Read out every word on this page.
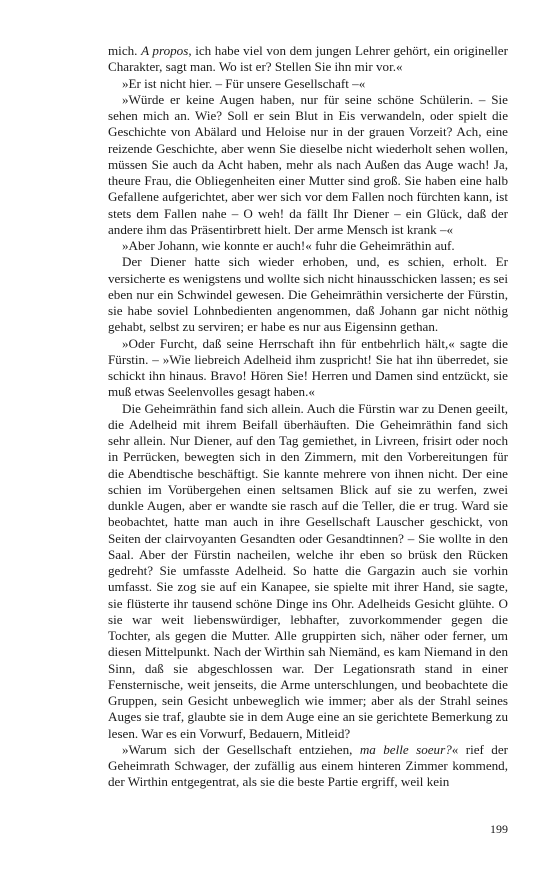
mich. A propos, ich habe viel von dem jungen Lehrer gehört, ein origineller Charakter, sagt man. Wo ist er? Stellen Sie ihn mir vor.«

»Er ist nicht hier. – Für unsere Gesellschaft –«

»Würde er keine Augen haben, nur für seine schöne Schülerin. – Sie sehen mich an. Wie? Soll er sein Blut in Eis verwandeln, oder spielt die Geschichte von Abälard und Heloise nur in der grauen Vorzeit? Ach, eine reizende Geschichte, aber wenn Sie dieselbe nicht wiederholt sehen wollen, müssen Sie auch da Acht haben, mehr als nach Außen das Auge wach! Ja, theure Frau, die Obliegenheiten einer Mutter sind groß. Sie haben eine halb Gefallene aufgerichtet, aber wer sich vor dem Fallen noch fürchten kann, ist stets dem Fallen nahe – O weh! da fällt Ihr Diener – ein Glück, daß der andere ihm das Präsentirbrett hielt. Der arme Mensch ist krank –«

»Aber Johann, wie konnte er auch!« fuhr die Geheimräthin auf.

Der Diener hatte sich wieder erhoben, und, es schien, erholt. Er versicherte es wenigstens und wollte sich nicht hinausschicken lassen; es sei eben nur ein Schwindel gewesen. Die Geheimräthin versicherte der Fürstin, sie habe soviel Lohnbedienten angenommen, daß Johann gar nicht nöthig gehabt, selbst zu serviren; er habe es nur aus Eigensinn gethan.

»Oder Furcht, daß seine Herrschaft ihn für entbehrlich hält,« sagte die Fürstin. – »Wie liebreich Adelheid ihm zuspricht! Sie hat ihn überredet, sie schickt ihn hinaus. Bravo! Hören Sie! Herren und Damen sind entzückt, sie muß etwas Seelenvolles gesagt haben.«

Die Geheimräthin fand sich allein. Auch die Fürstin war zu Denen geeilt, die Adelheid mit ihrem Beifall überhäuften. Die Geheimräthin fand sich sehr allein. Nur Diener, auf den Tag gemiethet, in Livreen, frisirt oder noch in Perrücken, bewegten sich in den Zimmern, mit den Vorbereitungen für die Abendtische beschäftigt. Sie kannte mehrere von ihnen nicht. Der eine schien im Vorübergehen einen seltsamen Blick auf sie zu werfen, zwei dunkle Augen, aber er wandte sie rasch auf die Teller, die er trug. Ward sie beobachtet, hatte man auch in ihre Gesellschaft Lauscher geschickt, von Seiten der clairvoyanten Gesandten oder Gesandtinnen? – Sie wollte in den Saal. Aber der Fürstin nacheilen, welche ihr eben so brüsk den Rücken gedreht? Sie umfasste Adelheid. So hatte die Gargazin auch sie vorhin umfasst. Sie zog sie auf ein Kanapee, sie spielte mit ihrer Hand, sie sagte, sie flüsterte ihr tausend schöne Dinge ins Ohr. Adelheids Gesicht glühte. O sie war weit liebenswürdiger, lebhafter, zuvorkommender gegen die Tochter, als gegen die Mutter. Alle gruppirten sich, näher oder ferner, um diesen Mittelpunkt. Nach der Wirthin sah Niemänd, es kam Niemand in den Sinn, daß sie abgeschlossen war. Der Legationsrath stand in einer Fensternische, weit jenseits, die Arme unterschlungen, und beobachtete die Gruppen, sein Gesicht unbeweglich wie immer; aber als der Strahl seines Auges sie traf, glaubte sie in dem Auge eine an sie gerichtete Bemerkung zu lesen. War es ein Vorwurf, Bedauern, Mitleid?

»Warum sich der Gesellschaft entziehen, ma belle soeur?« rief der Geheimrath Schwager, der zufällig aus einem hinteren Zimmer kommend, der Wirthin entgegentrat, als sie die beste Partie ergriff, weil kein

199
